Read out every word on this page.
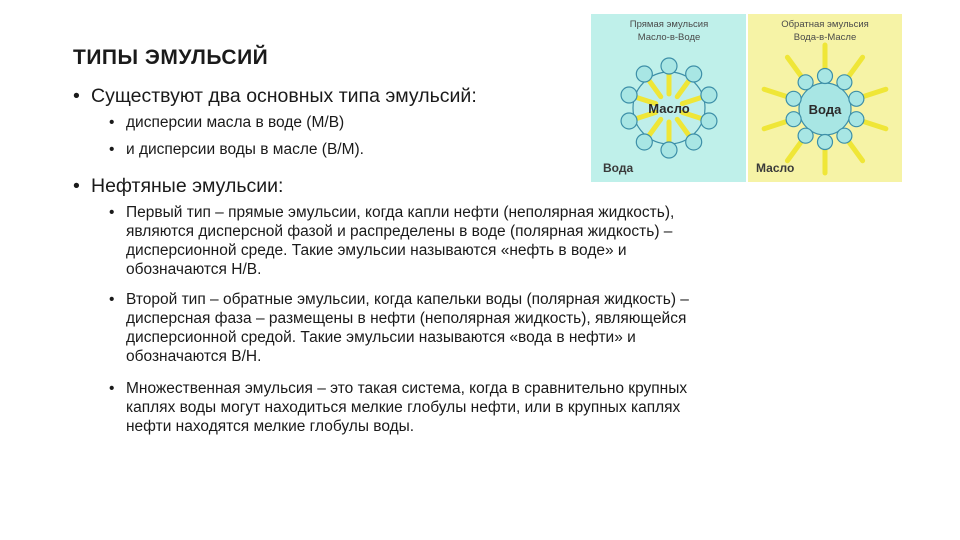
ТИПЫ ЭМУЛЬСИЙ
• Существуют два основных типа эмульсий:
• дисперсии масла в воде (М/В)
• и дисперсии воды в масле (В/М).
• Нефтяные эмульсии:
• Первый тип – прямые эмульсии, когда капли нефти (неполярная жидкость),
являются дисперсной фазой и распределены в воде (полярная жидкость) –
дисперсионной среде. Такие эмульсии называются «нефть в воде» и
обозначаются Н/В.
• Второй тип – обратные эмульсии, когда капельки воды (полярная жидкость) –
дисперсная фаза – размещены в нефти (неполярная жидкость), являющейся
дисперсионной средой. Такие эмульсии называются «вода в нефти» и
обозначаются В/Н.
• Множественная эмульсия – это такая система, когда в сравнительно крупных
каплях воды могут находиться мелкие глобулы нефти, или в крупных каплях
нефти находятся мелкие глобулы воды.
Прямая эмульсия
Масло-в-Воде
Масло
Вода
Обратная эмульсия
Вода-в-Масле
Вода
Масло
